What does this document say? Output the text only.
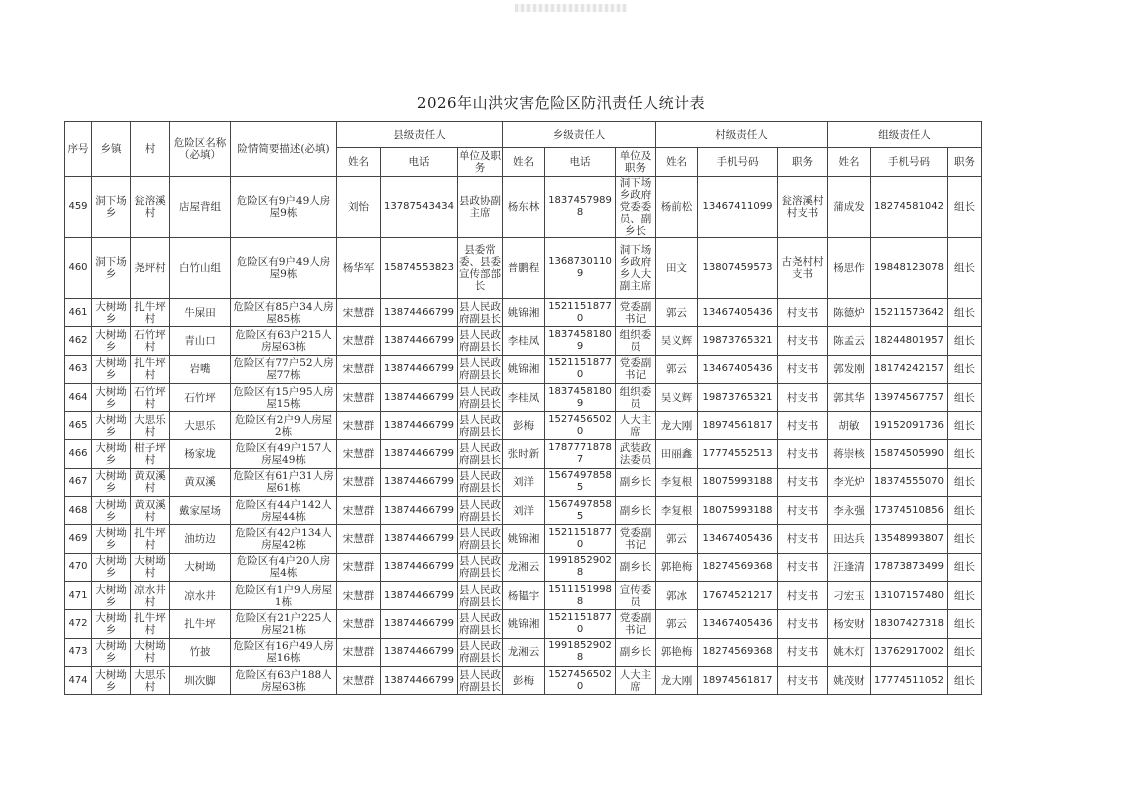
2026年山洪灾害危险区防汛责任人统计表
序号	乡镇	村	危险区名称（必填）	险情简要描述(必填)	县级责任人			乡级责任人			村级责任人			组级责任人		
					姓名	电话	单位及职务	姓名	电话	单位及职务	姓名	手机号码	职务	姓名	手机号码	职务
459	洞下场乡	瓮溶溪村	店屋背组	危险区有9户49人房屋9栋	刘怡	13787543434	县政协副主席	杨东林	18374579898	洞下场乡政府党委委员、副乡长	杨前松	13467411099	瓮溶溪村村支书	蒲成发	18274581042	组长
460	洞下场乡	尧坪村	白竹山组	危险区有9户49人房屋9栋	杨华军	15874553823	县委常委、县委宣传部部长	普鹏程	13687301109	洞下场乡政府乡人大副主席	田文	13807459573	古尧村村支书	杨思作	19848123078	组长
461	大树坳乡	扎牛坪村	牛屎田	危险区有85户34人房屋85栋	宋慧群	13874466799	县人民政府副县长	姚锦湘	15211518770	党委副书记	郭云	13467405436	村支书	陈德炉	15211573642	组长
462	大树坳乡	石竹坪村	青山口	危险区有63户215人房屋63栋	宋慧群	13874466799	县人民政府副县长	李桂凤	18374581809	组织委员	吴义辉	19873765321	村支书	陈孟云	18244801957	组长
463	大树坳乡	扎牛坪村	岩嘴	危险区有77户52人房屋77栋	宋慧群	13874466799	县人民政府副县长	姚锦湘	15211518770	党委副书记	郭云	13467405436	村支书	郭发刚	18174242157	组长
464	大树坳乡	石竹坪村	石竹坪	危险区有15户95人房屋15栋	宋慧群	13874466799	县人民政府副县长	李桂凤	18374581809	组织委员	吴义辉	19873765321	村支书	郭其华	13974567757	组长
465	大树坳乡	大思乐村	大思乐	危险区有2户9人房屋2栋	宋慧群	13874466799	县人民政府副县长	彭梅	15274565020	人大主席	龙大刚	18974561817	村支书	胡敏	19152091736	组长
466	大树坳乡	柑子坪村	杨家垅	危险区有49户157人房屋49栋	宋慧群	13874466799	县人民政府副县长	张时新	17877718787	武装政法委员	田丽鑫	17774552513	村支书	蒋崇核	15874505990	组长
467	大树坳乡	黄双溪村	黄双溪	危险区有61户31人房屋61栋	宋慧群	13874466799	县人民政府副县长	刘洋	15674978585	副乡长	李复根	18075993188	村支书	李光炉	18374555070	组长
468	大树坳乡	黄双溪村	戴家屋场	危险区有44户142人房屋44栋	宋慧群	13874466799	县人民政府副县长	刘洋	15674978585	副乡长	李复根	18075993188	村支书	李永强	17374510856	组长
469	大树坳乡	扎牛坪村	油坊边	危险区有42户134人房屋42栋	宋慧群	13874466799	县人民政府副县长	姚锦湘	15211518770	党委副书记	郭云	13467405436	村支书	田达兵	13548993807	组长
470	大树坳乡	大树坳村	大树坳	危险区有4户20人房屋4栋	宋慧群	13874466799	县人民政府副县长	龙湘云	19918529028	副乡长	郭艳梅	18274569368	村支书	汪逢清	17873873499	组长
471	大树坳乡	凉水井村	凉水井	危险区有1户9人房屋1栋	宋慧群	13874466799	县人民政府副县长	杨韫宇	15111519988	宣传委员	郭冰	17674521217	村支书	刁宏玉	13107157480	组长
472	大树坳乡	扎牛坪村	扎牛坪	危险区有21户225人房屋21栋	宋慧群	13874466799	县人民政府副县长	姚锦湘	15211518770	党委副书记	郭云	13467405436	村支书	杨安财	18307427318	组长
473	大树坳乡	大树坳村	竹披	危险区有16户49人房屋16栋	宋慧群	13874466799	县人民政府副县长	龙湘云	19918529028	副乡长	郭艳梅	18274569368	村支书	姚木灯	13762917002	组长
474	大树坳乡	大思乐村	圳次脚	危险区有63户188人房屋63栋	宋慧群	13874466799	县人民政府副县长	彭梅	15274565020	人大主席	龙大刚	18974561817	村支书	姚茂财	17774511052	组长
